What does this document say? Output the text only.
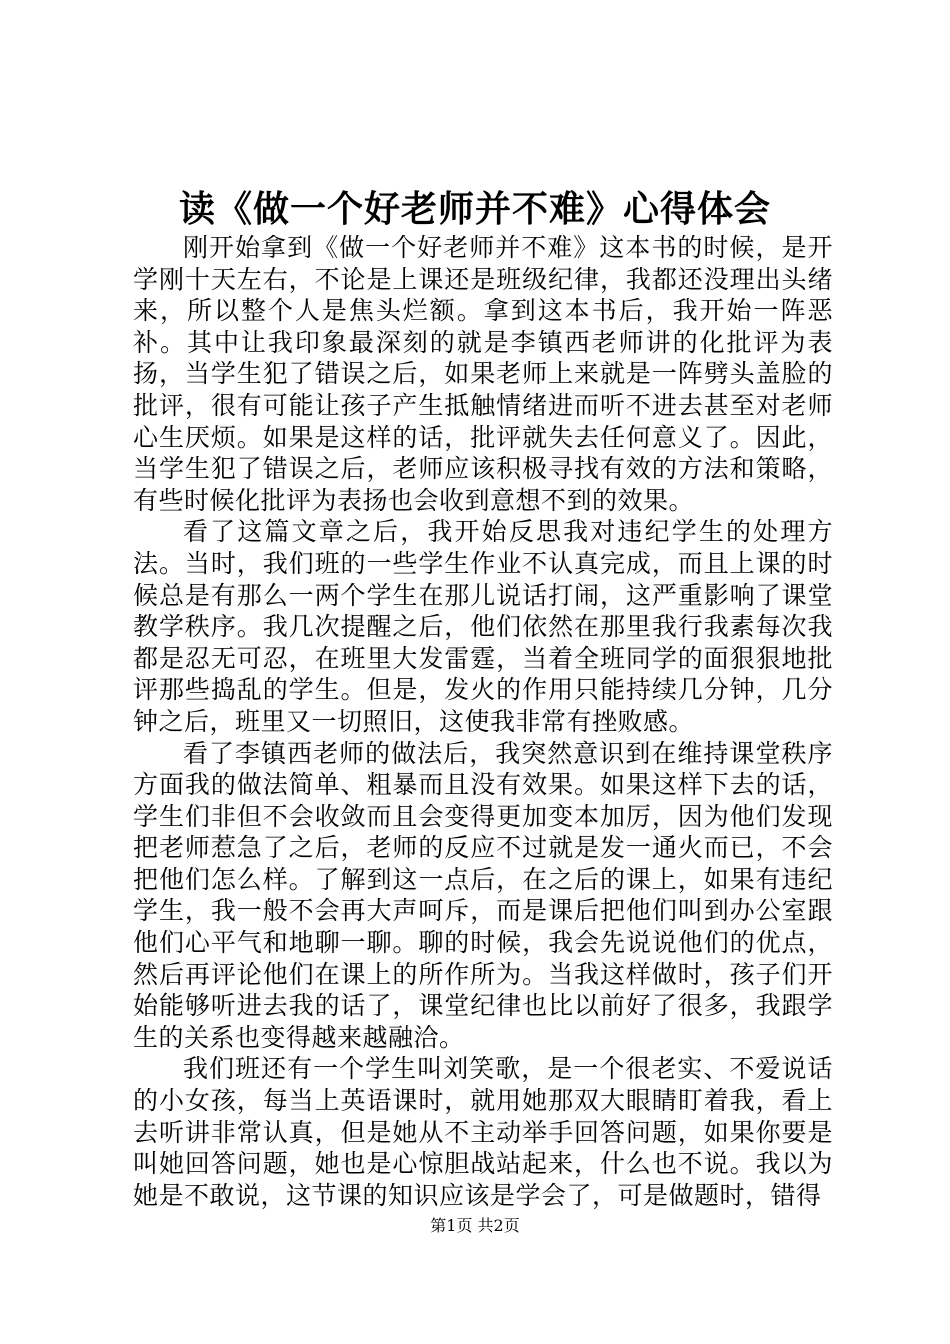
读《做一个好老师并不难》心得体会

刚开始拿到《做一个好老师并不难》这本书的时候，是开学刚十天左右，不论是上课还是班级纪律，我都还没理出头绪来，所以整个人是焦头烂额。拿到这本书后，我开始一阵恶补。其中让我印象最深刻的就是李镇西老师讲的化批评为表扬，当学生犯了错误之后，如果老师上来就是一阵劈头盖脸的批评，很有可能让孩子产生抵触情绪进而听不进去甚至对老师心生厌烦。如果是这样的话，批评就失去任何意义了。因此，当学生犯了错误之后，老师应该积极寻找有效的方法和策略，有些时候化批评为表扬也会收到意想不到的效果。

看了这篇文章之后，我开始反思我对违纪学生的处理方法。当时，我们班的一些学生作业不认真完成，而且上课的时候总是有那么一两个学生在那儿说话打闹，这严重影响了课堂教学秩序。我几次提醒之后，他们依然在那里我行我素每次我都是忍无可忍，在班里大发雷霆，当着全班同学的面狠狠地批评那些捣乱的学生。但是，发火的作用只能持续几分钟，几分钟之后，班里又一切照旧，这使我非常有挫败感。

看了李镇西老师的做法后，我突然意识到在维持课堂秩序方面我的做法简单、粗暴而且没有效果。如果这样下去的话，学生们非但不会收敛而且会变得更加变本加厉，因为他们发现把老师惹急了之后，老师的反应不过就是发一通火而已，不会把他们怎么样。了解到这一点后，在之后的课上，如果有违纪学生，我一般不会再大声呵斥，而是课后把他们叫到办公室跟他们心平气和地聊一聊。聊的时候，我会先说说他们的优点，然后再评论他们在课上的所作所为。当我这样做时，孩子们开始能够听进去我的话了，课堂纪律也比以前好了很多，我跟学生的关系也变得越来越融洽。

我们班还有一个学生叫刘笑歌，是一个很老实、不爱说话的小女孩，每当上英语课时，就用她那双大眼睛盯着我，看上去听讲非常认真，但是她从不主动举手回答问题，如果你要是叫她回答问题，她也是心惊胆战站起来，什么也不说。我以为她是不敢说，这节课的知识应该是学会了，可是做题时，错得

第1页 共2页
